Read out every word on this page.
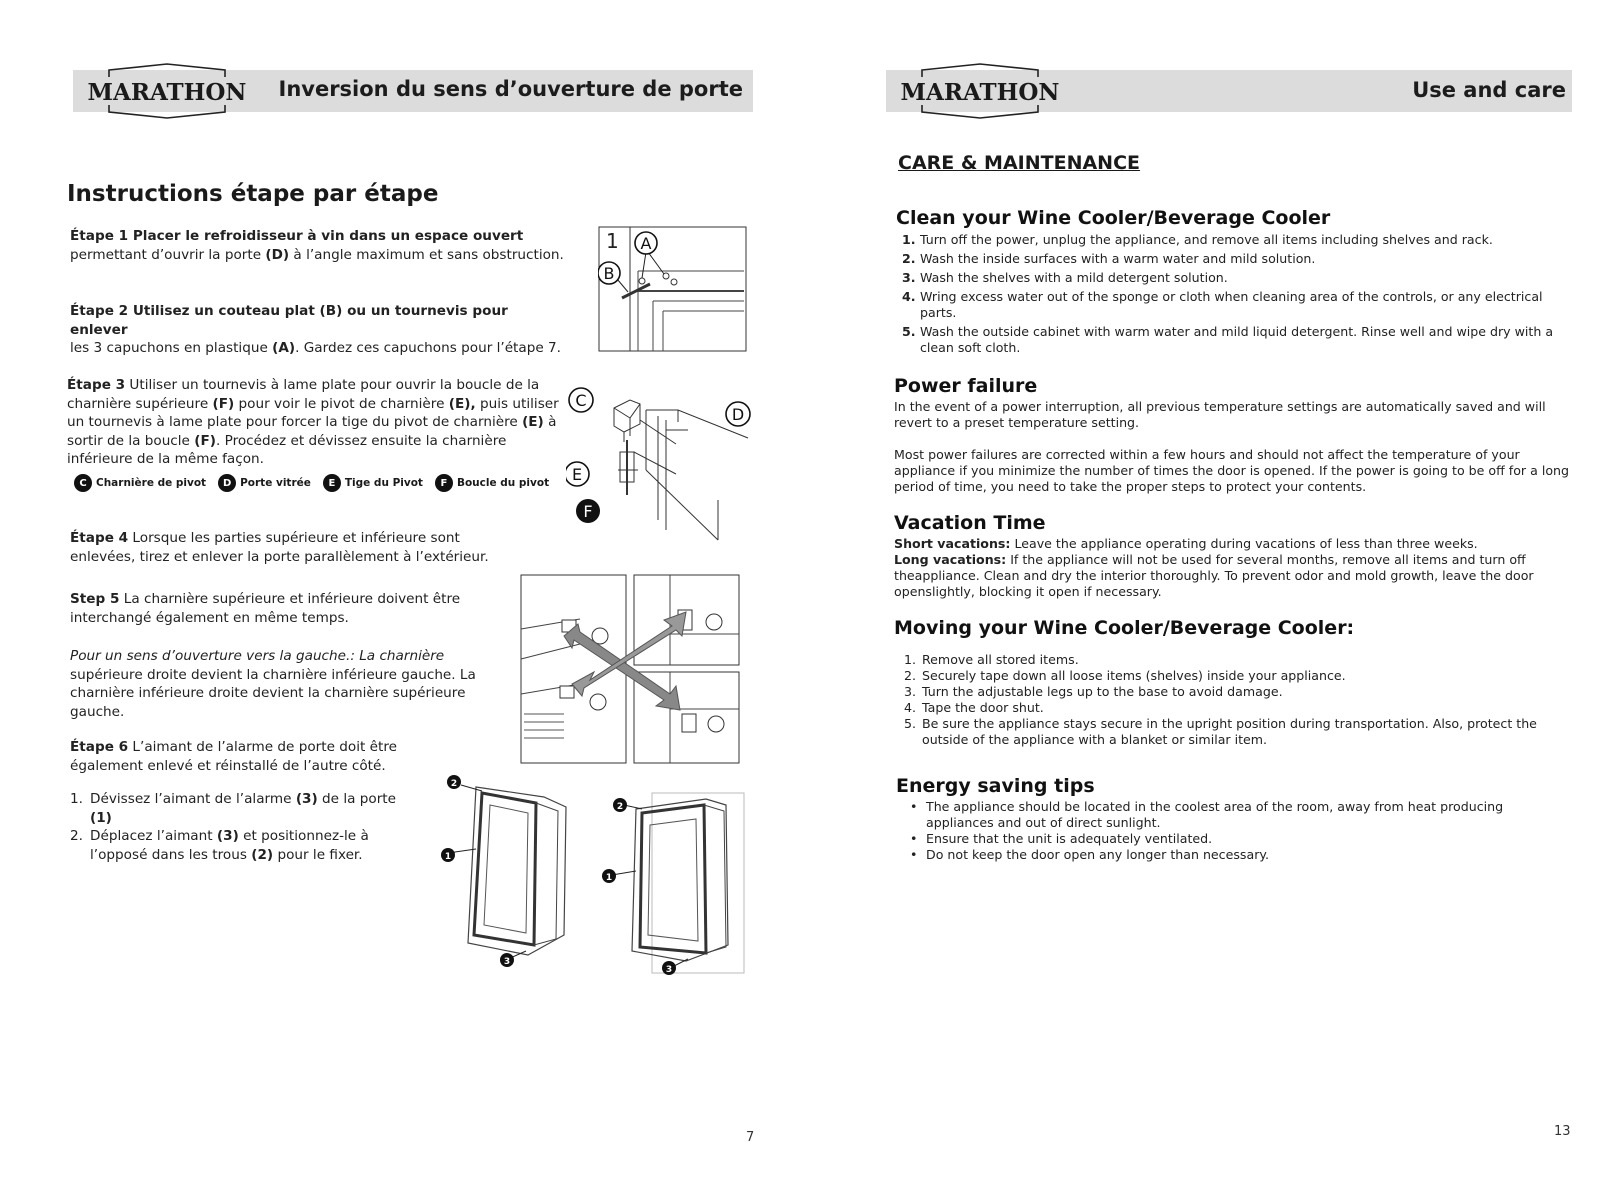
MARATHON Inversion du sens d’ouverture de porte
Instructions étape par étape
Étape 1 Placer le refroidisseur à vin dans un espace ouvert
permettant d’ouvrir la porte (D) à l’angle maximum et sans obstruction.
Étape 2 Utilisez un couteau plat (B) ou un tournevis pour enlever
les 3 capuchons en plastique (A). Gardez ces capuchons pour l’étape 7.
1 A
B
Étape 3 Utiliser un tournevis à lame plate pour ouvrir la boucle de la charnière supérieure (F) pour voir le pivot de charnière (E), puis utiliser un tournevis à lame plate pour forcer la tige du pivot de charnière (E) à sortir de la boucle (F). Procédez et dévissez ensuite la charnière inférieure de la même façon.
C Charnière de pivot	D Porte vitrée	E Tige du Pivot	F Boucle du pivot
D
C
E
F
Étape 4 Lorsque les parties supérieure et inférieure sont enlevées, tirez et enlever la porte parallèlement à l’extérieur.
Step 5 La charnière supérieure et inférieure doivent être interchangé également en même temps.
Pour un sens d’ouverture vers la gauche.: La charnière supérieure droite devient la charnière inférieure gauche. La charnière inférieure droite devient la charnière supérieure gauche.
Étape 6 L’aimant de l’alarme de porte doit être également enlevé et réinstallé de l’autre côté.
1. Dévissez l’aimant de l’alarme (3) de la porte (1)
2. Déplacez l’aimant (3) et positionnez-le à l’opposé dans les trous (2) pour le fixer.
2
1
3
2
1
3
7
MARATHON	Use and care
CARE & MAINTENANCE
Clean your Wine Cooler/Beverage Cooler
1. Turn off the power, unplug the appliance, and remove all items including shelves and rack.
2. Wash the inside surfaces with a warm water and mild solution.
3. Wash the shelves with a mild detergent solution.
4. Wring excess water out of the sponge or cloth when cleaning area of the controls, or any electrical parts.
5. Wash the outside cabinet with warm water and mild liquid detergent. Rinse well and wipe dry with a clean soft cloth.
Power failure
In the event of a power interruption, all previous temperature settings are automatically saved and will revert to a preset temperature setting.
Most power failures are corrected within a few hours and should not affect the temperature of your appliance if you minimize the number of times the door is opened. If the power is going to be off for a long period of time, you need to take the proper steps to protect your contents.
Vacation Time
Short vacations: Leave the appliance operating during vacations of less than three weeks.
Long vacations: If the appliance will not be used for several months, remove all items and turn off theappliance. Clean and dry the interior thoroughly. To prevent odor and mold growth, leave the door openslightly, blocking it open if necessary.
Moving your Wine Cooler/Beverage Cooler:
1. Remove all stored items.
2. Securely tape down all loose items (shelves) inside your appliance.
3. Turn the adjustable legs up to the base to avoid damage.
4. Tape the door shut.
5. Be sure the appliance stays secure in the upright position during transportation. Also, protect the outside of the appliance with a blanket or similar item.
Energy saving tips
• The appliance should be located in the coolest area of the room, away from heat producing appliances and out of direct sunlight.
• Ensure that the unit is adequately ventilated.
• Do not keep the door open any longer than necessary.
13
